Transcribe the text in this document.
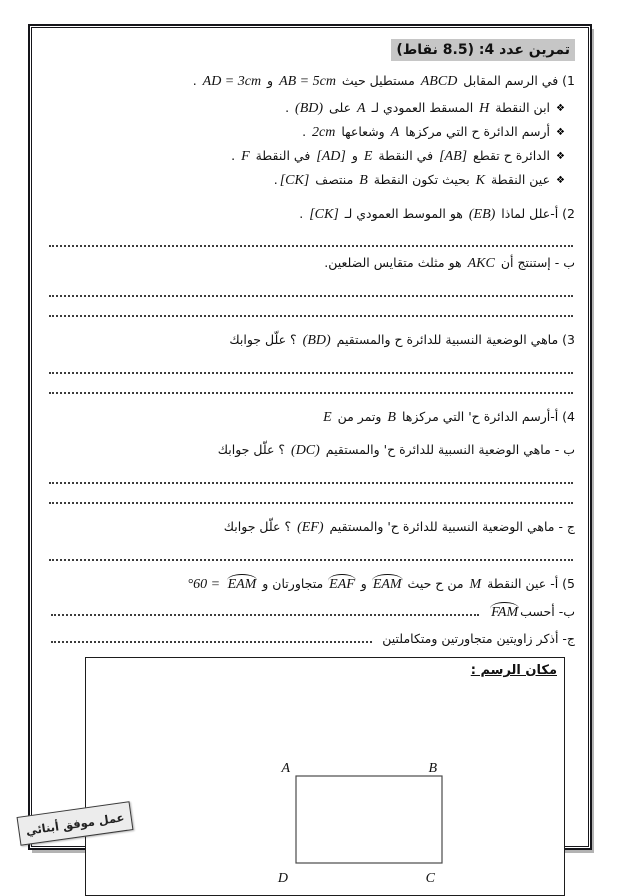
تمرين عدد 4: (8.5 نقاط)
1) في الرسم المقابل ABCD مستطيل حيث AB = 5cm و AD = 3cm .
❖ابن النقطة H المسقط العمودي لـ A على (BD) .
❖أرسم الدائرة ح التي مركزها A وشعاعها 2cm .
❖الدائرة ح تقطع [AB] في النقطة E و [AD] في النقطة F .
❖عين النقطة K بحيث تكون النقطة B منتصف [CK].
2) أ-علل لماذا (EB) هو الموسط العمودي لـ [CK] .
ب - إستنتج أن AKC هو مثلث متقايس الضلعين.
3) ماهي الوضعية النسبية للدائرة ح والمستقيم (BD) ؟ علّل جوابك
4) أ-أرسم الدائرة ح' التي مركزها B وتمر من E
ب - ماهي الوضعية النسبية للدائرة ح' والمستقيم (DC) ؟ علّل جوابك
ج - ماهي الوضعية النسبية للدائرة ح' والمستقيم (EF) ؟ علّل جوابك
5) أ- عين النقطة M من ح حيث EAM و EAF متجاورتان و EAM = 60°
ب- أحسب
FAM
ج- أذكر زاويتين متجاورتين ومتكاملتين
مكان الرسم :
A	B
D	C
عمل موفق أبنائي
